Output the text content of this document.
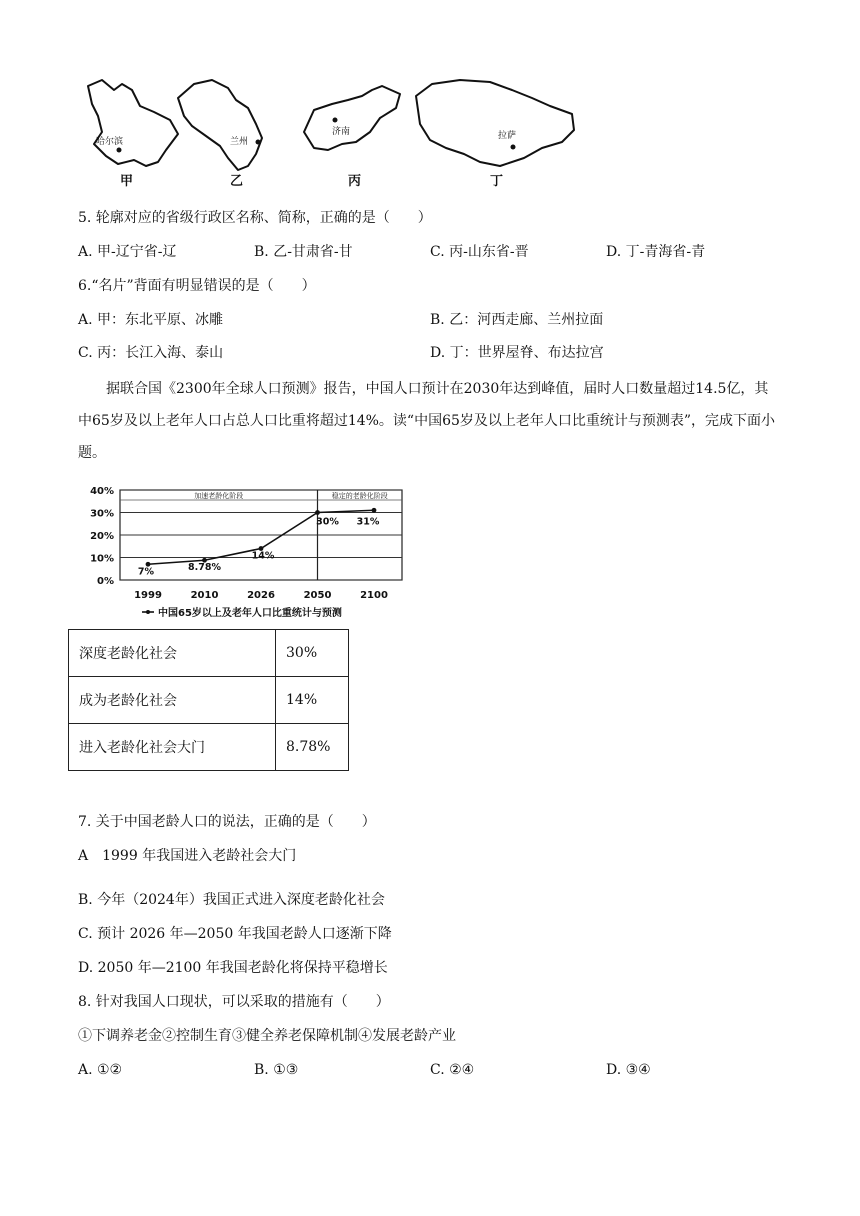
哈尔滨	兰州
济南	拉萨
甲	乙	丙	丁
5. 轮廓对应的省级行政区名称、简称，正确的是（　　）
A. 甲-辽宁省-辽	B. 乙-甘肃省-甘	C. 丙-山东省-晋	D. 丁-青海省-青
6.“名片”背面有明显错误的是（　　）
A. 甲：东北平原、冰雕	B. 乙：河西走廊、兰州拉面
C. 丙：长江入海、泰山	D. 丁：世界屋脊、布达拉宫
据联合国《2300年全球人口预测》报告，中国人口预计在2030年达到峰值，届时人口数量超过14.5亿，其中65岁及以上老年人口占总人口比重将超过14%。读“中国65岁及以上老年人口比重统计与预测表”，完成下面小题。
0%
10%
20%
30%
40%	加速老龄化阶段	稳定的老龄化阶段
1999	2010	2026	2050	2100
中国65岁以上及老年人口比重统计与预测
7%	8.78%
14%
30% 31%
深度老龄化社会	30%
成为老龄化社会	14%
进入老龄化社会大门	8.78%
7. 关于中国老龄人口的说法，正确的是（　　）
A　1999 年我国进入老龄社会大门
B. 今年（2024年）我国正式进入深度老龄化社会
C. 预计 2026 年—2050 年我国老龄人口逐渐下降
D. 2050 年—2100 年我国老龄化将保持平稳增长
8. 针对我国人口现状，可以采取的措施有（　　）
①下调养老金②控制生育③健全养老保障机制④发展老龄产业
A. ①②	B. ①③	C. ②④	D. ③④
